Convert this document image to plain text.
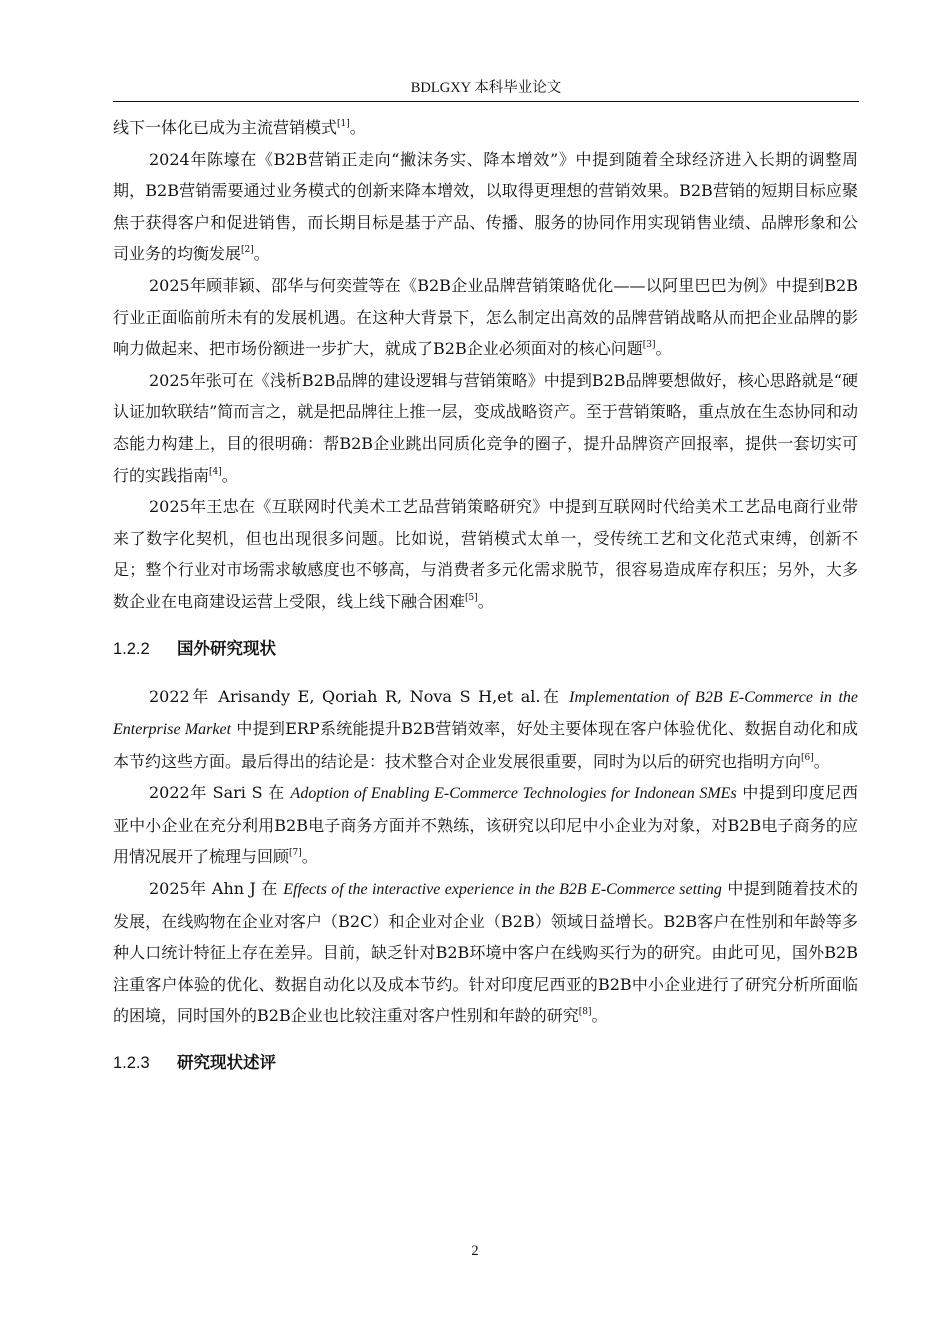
BDLGXY 本科毕业论文

线下一体化已成为主流营销模式[1]。

2024年陈壕在《B2B营销正走向“撇沫务实、降本增效”》中提到随着全球经济进入长期的调整周期，B2B营销需要通过业务模式的创新来降本增效，以取得更理想的营销效果。B2B营销的短期目标应聚焦于获得客户和促进销售，而长期目标是基于产品、传播、服务的协同作用实现销售业绩、品牌形象和公司业务的均衡发展[2]。

2025年顾菲颖、邵华与何奕萱等在《B2B企业品牌营销策略优化——以阿里巴巴为例》中提到B2B行业正面临前所未有的发展机遇。在这种大背景下，怎么制定出高效的品牌营销战略从而把企业品牌的影响力做起来、把市场份额进一步扩大，就成了B2B企业必须面对的核心问题[3]。

2025年张可在《浅析B2B品牌的建设逻辑与营销策略》中提到B2B品牌要想做好，核心思路就是“硬认证加软联结”简而言之，就是把品牌往上推一层，变成战略资产。至于营销策略，重点放在生态协同和动态能力构建上，目的很明确：帮B2B企业跳出同质化竞争的圈子，提升品牌资产回报率，提供一套切实可行的实践指南[4]。

2025年王忠在《互联网时代美术工艺品营销策略研究》中提到互联网时代给美术工艺品电商行业带来了数字化契机，但也出现很多问题。比如说，营销模式太单一，受传统工艺和文化范式束缚，创新不足；整个行业对市场需求敏感度也不够高，与消费者多元化需求脱节，很容易造成库存积压；另外，大多数企业在电商建设运营上受限，线上线下融合困难[5]。

1.2.2 国外研究现状

2022年 Arisandy E, Qoriah R, Nova S H,et al.在 Implementation of B2B E-Commerce in the Enterprise Market 中提到ERP系统能提升B2B营销效率，好处主要体现在客户体验优化、数据自动化和成本节约这些方面。最后得出的结论是：技术整合对企业发展很重要，同时为以后的研究也指明方向[6]。

2022年 Sari S 在 Adoption of Enabling E-Commerce Technologies for Indonean SMEs 中提到印度尼西亚中小企业在充分利用B2B电子商务方面并不熟练，该研究以印尼中小企业为对象，对B2B电子商务的应用情况展开了梳理与回顾[7]。

2025年 Ahn J 在 Effects of the interactive experience in the B2B E-Commerce setting 中提到随着技术的发展，在线购物在企业对客户（B2C）和企业对企业（B2B）领域日益增长。B2B客户在性别和年龄等多种人口统计特征上存在差异。目前，缺乏针对B2B环境中客户在线购买行为的研究。由此可见，国外B2B注重客户体验的优化、数据自动化以及成本节约。针对印度尼西亚的B2B中小企业进行了研究分析所面临的困境，同时国外的B2B企业也比较注重对客户性别和年龄的研究[8]。

1.2.3 研究现状述评
2
